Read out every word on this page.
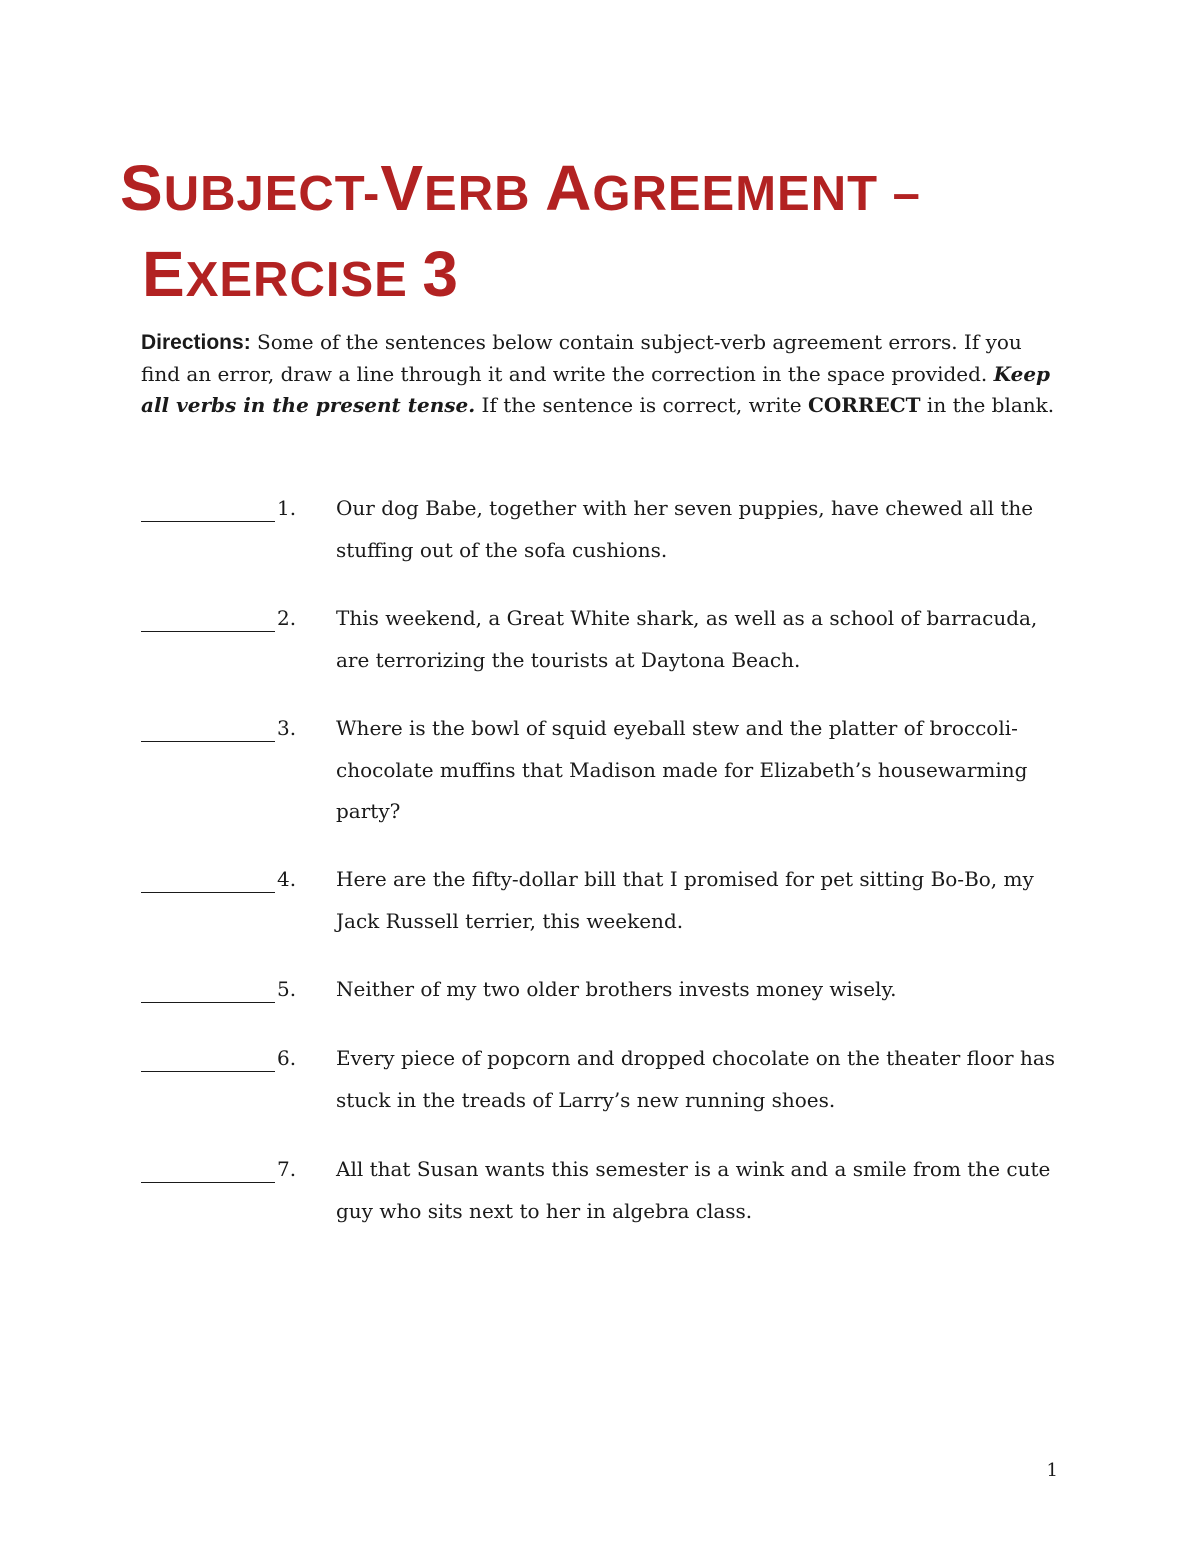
SUBJECT-VERB AGREEMENT –
EXERCISE 3

Directions: Some of the sentences below contain subject-verb agreement errors. If you find an error, draw a line through it and write the correction in the space provided. Keep all verbs in the present tense. If the sentence is correct, write CORRECT in the blank.

1. Our dog Babe, together with her seven puppies, have chewed all the stuffing out of the sofa cushions.

2. This weekend, a Great White shark, as well as a school of barracuda, are terrorizing the tourists at Daytona Beach.

3. Where is the bowl of squid eyeball stew and the platter of broccoli-chocolate muffins that Madison made for Elizabeth’s housewarming party?

4. Here are the fifty-dollar bill that I promised for pet sitting Bo-Bo, my Jack Russell terrier, this weekend.

5. Neither of my two older brothers invests money wisely.

6. Every piece of popcorn and dropped chocolate on the theater floor has stuck in the treads of Larry’s new running shoes.

7. All that Susan wants this semester is a wink and a smile from the cute guy who sits next to her in algebra class.

1
